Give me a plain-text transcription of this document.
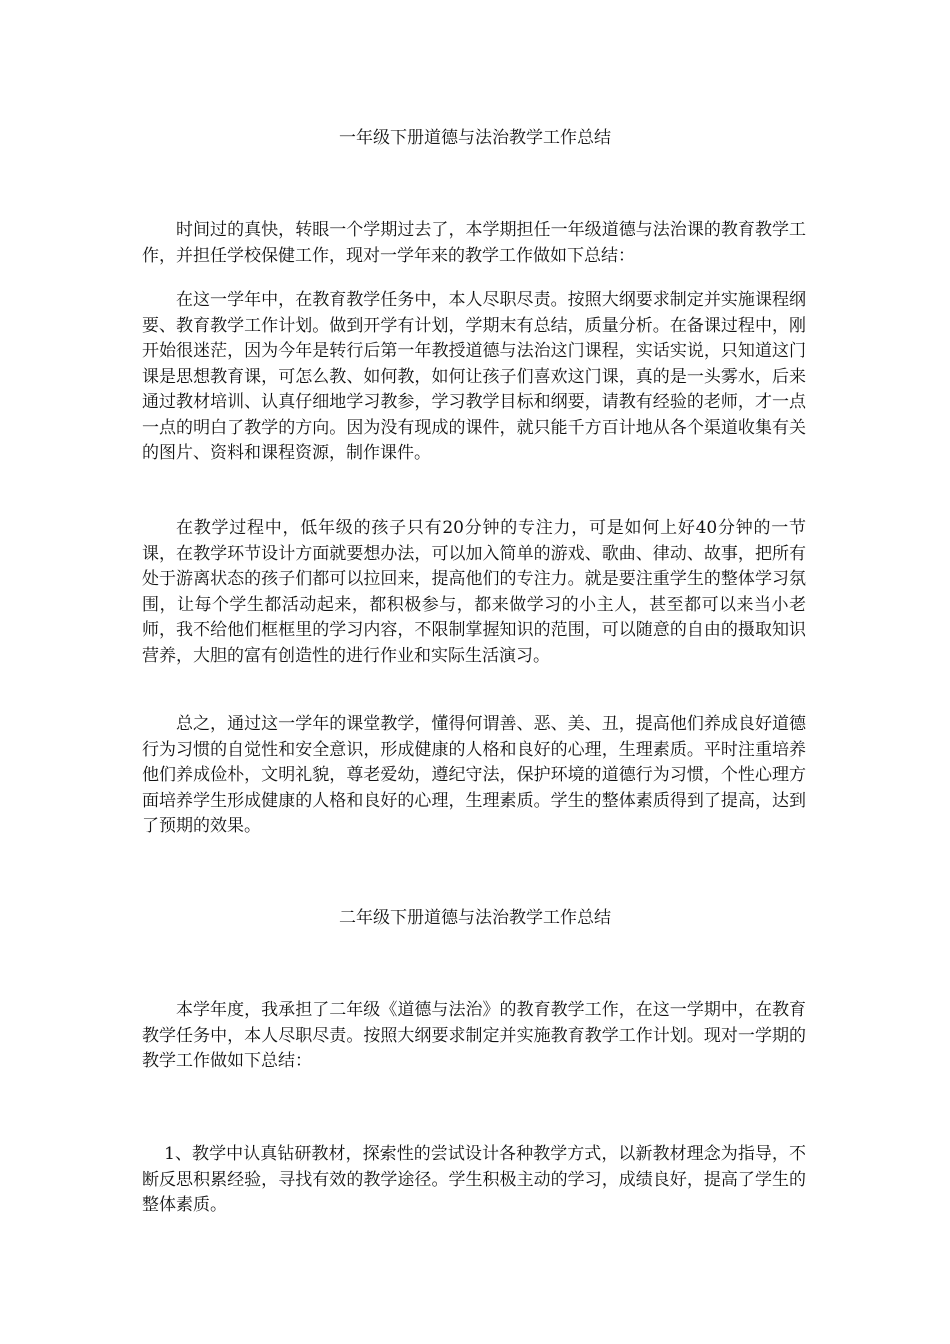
一年级下册道德与法治教学工作总结

时间过的真快，转眼一个学期过去了，本学期担任一年级道德与法治课的教育教学工作，并担任学校保健工作，现对一学年来的教学工作做如下总结：

在这一学年中，在教育教学任务中，本人尽职尽责。按照大纲要求制定并实施课程纲要、教育教学工作计划。做到开学有计划，学期末有总结，质量分析。在备课过程中，刚开始很迷茫，因为今年是转行后第一年教授道德与法治这门课程，实话实说，只知道这门课是思想教育课，可怎么教、如何教，如何让孩子们喜欢这门课，真的是一头雾水，后来通过教材培训、认真仔细地学习教参，学习教学目标和纲要，请教有经验的老师，才一点一点的明白了教学的方向。因为没有现成的课件，就只能千方百计地从各个渠道收集有关的图片、资料和课程资源，制作课件。

在教学过程中，低年级的孩子只有20分钟的专注力，可是如何上好40分钟的一节课，在教学环节设计方面就要想办法，可以加入简单的游戏、歌曲、律动、故事，把所有处于游离状态的孩子们都可以拉回来，提高他们的专注力。就是要注重学生的整体学习氛围，让每个学生都活动起来，都积极参与，都来做学习的小主人，甚至都可以来当小老师，我不给他们框框里的学习内容，不限制掌握知识的范围，可以随意的自由的摄取知识营养，大胆的富有创造性的进行作业和实际生活演习。

总之，通过这一学年的课堂教学，懂得何谓善、恶、美、丑，提高他们养成良好道德行为习惯的自觉性和安全意识，形成健康的人格和良好的心理，生理素质。平时注重培养他们养成俭朴，文明礼貌，尊老爱幼，遵纪守法，保护环境的道德行为习惯，个性心理方面培养学生形成健康的人格和良好的心理，生理素质。学生的整体素质得到了提高，达到了预期的效果。

二年级下册道德与法治教学工作总结

本学年度，我承担了二年级《道德与法治》的教育教学工作，在这一学期中，在教育教学任务中，本人尽职尽责。按照大纲要求制定并实施教育教学工作计划。现对一学期的教学工作做如下总结：

1、教学中认真钻研教材，探索性的尝试设计各种教学方式，以新教材理念为指导，不断反思积累经验，寻找有效的教学途径。学生积极主动的学习，成绩良好，提高了学生的整体素质。
